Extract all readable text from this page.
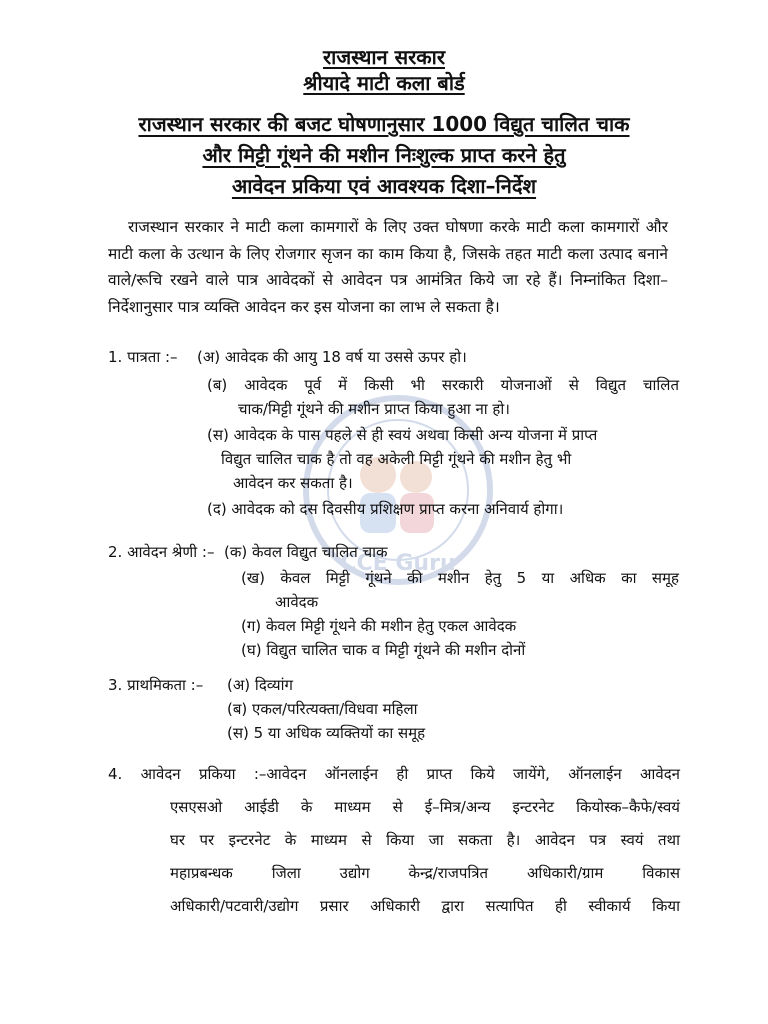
राजस्थान सरकार
श्रीयादे माटी कला बोर्ड
राजस्थान सरकार की बजट घोषणानुसार 1000 विद्युत चालित चाक
और मिट्टी गूंथने की मशीन निःशुल्क प्राप्त करने हेतु
आवेदन प्रकिया एवं आवश्यक दिशा–निर्देश
राजस्थान सरकार ने माटी कला कामगारों के लिए उक्त घोषणा करके माटी कला कामगारों और माटी कला के उत्थान के लिए रोजगार सृजन का काम किया है, जिसके तहत माटी कला उत्पाद बनाने वाले/रूचि रखने वाले पात्र आवेदकों से आवेदन पत्र आमंत्रित किये जा रहे हैं। निम्नांकित दिशा–निर्देशानुसार पात्र व्यक्ति आवेदन कर इस योजना का लाभ ले सकता है।
CCE Guru
1. पात्रता :– (अ) आवेदक की आयु 18 वर्ष या उससे ऊपर हो।
(ब) आवेदक पूर्व में किसी भी सरकारी योजनाओं से विद्युत चालित
चाक/मिट्टी गूंथने की मशीन प्राप्त किया हुआ ना हो।
(स) आवेदक के पास पहले से ही स्वयं अथवा किसी अन्य योजना में प्राप्त
विद्युत चालित चाक है तो वह अकेली मिट्टी गूंथने की मशीन हेतु भी
आवेदन कर सकता है।
(द) आवेदक को दस दिवसीय प्रशिक्षण प्राप्त करना अनिवार्य होगा।
2. आवेदन श्रेणी :– (क) केवल विद्युत चालित चाक
(ख) केवल मिट्टी गूंथने की मशीन हेतु 5 या अधिक का समूह
आवेदक
(ग) केवल मिट्टी गूंथने की मशीन हेतु एकल आवेदक
(घ) विद्युत चालित चाक व मिट्टी गूंथने की मशीन दोनों
3. प्राथमिकता :– (अ) दिव्यांग
(ब) एकल/परित्यक्ता/विधवा महिला
(स) 5 या अधिक व्यक्तियों का समूह
4. आवेदन प्रकिया :–आवेदन ऑनलाईन ही प्राप्त किये जायेंगे, ऑनलाईन आवेदन
एसएसओ आईडी के माध्यम से ई–मित्र/अन्य इन्टरनेट कियोस्क–कैफे/स्वयं
घर पर इन्टरनेट के माध्यम से किया जा सकता है। आवेदन पत्र स्वयं तथा
महाप्रबन्धक जिला उद्योग केन्द्र/राजपत्रित अधिकारी/ग्राम विकास
अधिकारी/पटवारी/उद्योग प्रसार अधिकारी द्वारा सत्यापित ही स्वीकार्य किया
